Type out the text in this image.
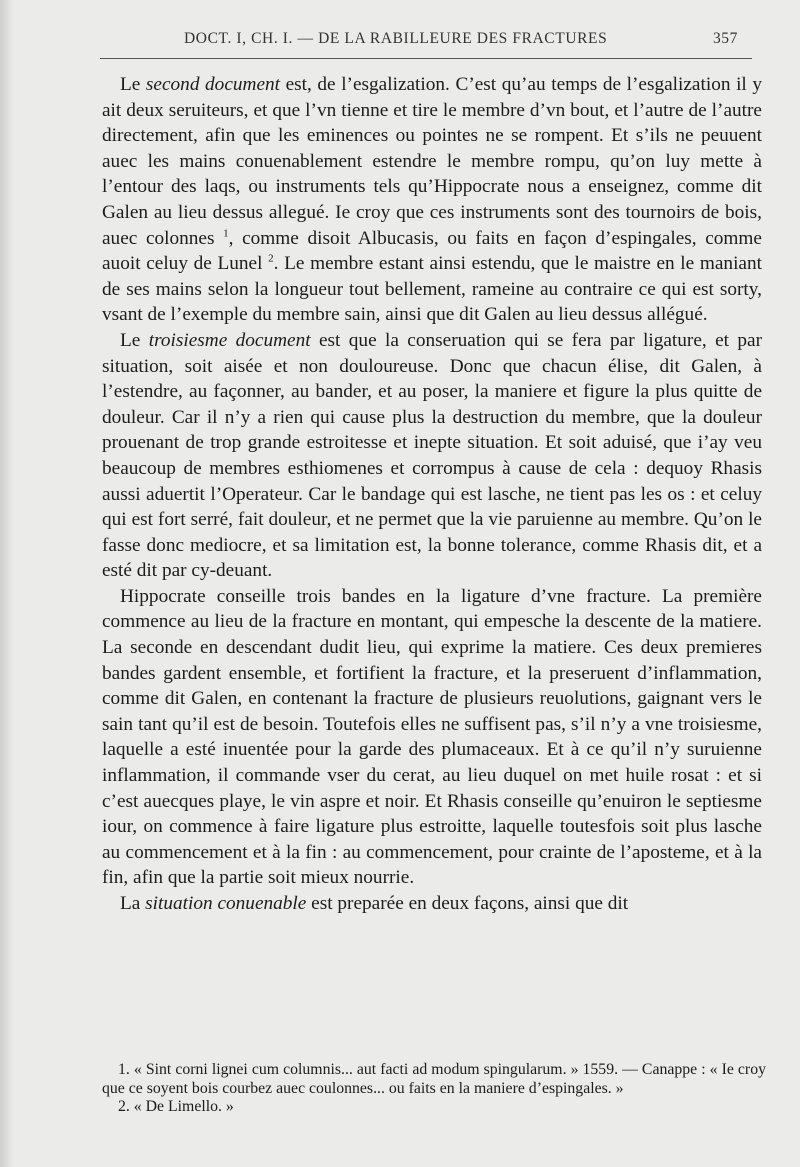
DOCT. I, CH. I. — DE LA RABILLEURE DES FRACTURES	357

Le second document est, de l’esgalization. C’est qu’au temps de l’esgalization il y ait deux seruiteurs, et que l’vn tienne et tire le membre d’vn bout, et l’autre de l’autre directement, afin que les eminences ou pointes ne se rompent. Et s’ils ne peuuent auec les mains conuenablement estendre le membre rompu, qu’on luy mette à l’entour des laqs, ou instruments tels qu’Hippocrate nous a enseignez, comme dit Galen au lieu dessus allegué. Ie croy que ces instruments sont des tournoirs de bois, auec colonnes $^1$, comme disoit Albucasis, ou faits en façon d’espingales, comme auoit celuy de Lunel $^2$. Le membre estant ainsi estendu, que le maistre en le maniant de ses mains selon la longueur tout bellement, rameine au contraire ce qui est sorty, vsant de l’exemple du membre sain, ainsi que dit Galen au lieu dessus allégué.

Le troisiesme document est que la conseruation qui se fera par ligature, et par situation, soit aisée et non douloureuse. Donc que chacun élise, dit Galen, à l’estendre, au façonner, au bander, et au poser, la maniere et figure la plus quitte de douleur. Car il n’y a rien qui cause plus la destruction du membre, que la douleur prouenant de trop grande estroitesse et inepte situation. Et soit aduisé, que i’ay veu beaucoup de membres esthiomenes et corrompus à cause de cela : dequoy Rhasis aussi aduertit l’Operateur. Car le bandage qui est lasche, ne tient pas les os : et celuy qui est fort serré, fait douleur, et ne permet que la vie paruienne au membre. Qu’on le fasse donc mediocre, et sa limitation est, la bonne tolerance, comme Rhasis dit, et a esté dit par cy-deuant.

Hippocrate conseille trois bandes en la ligature d’vne fracture. La première commence au lieu de la fracture en montant, qui empesche la descente de la matiere. La seconde en descendant dudit lieu, qui exprime la matiere. Ces deux premieres bandes gardent ensemble, et fortifient la fracture, et la preseruent d’inflammation, comme dit Galen, en contenant la fracture de plusieurs reuolutions, gaignant vers le sain tant qu’il est de besoin. Toutefois elles ne suffisent pas, s’il n’y a vne troisiesme, laquelle a esté inuentée pour la garde des plumaceaux. Et à ce qu’il n’y suruienne inflammation, il commande vser du cerat, au lieu duquel on met huile rosat : et si c’est auecques playe, le vin aspre et noir. Et Rhasis conseille qu’enuiron le septiesme iour, on commence à faire ligature plus estroitte, laquelle toutesfois soit plus lasche au commencement et à la fin : au commencement, pour crainte de l’aposteme, et à la fin, afin que la partie soit mieux nourrie.

La situation conuenable est preparée en deux façons, ainsi que dit

1. « Sint corni lignei cum columnis... aut facti ad modum spingularum. » 1559. — Canappe : « Ie croy que ce soyent bois courbez auec coulonnes... ou faits en la maniere d’espingales. »

2. « De Limello. »
